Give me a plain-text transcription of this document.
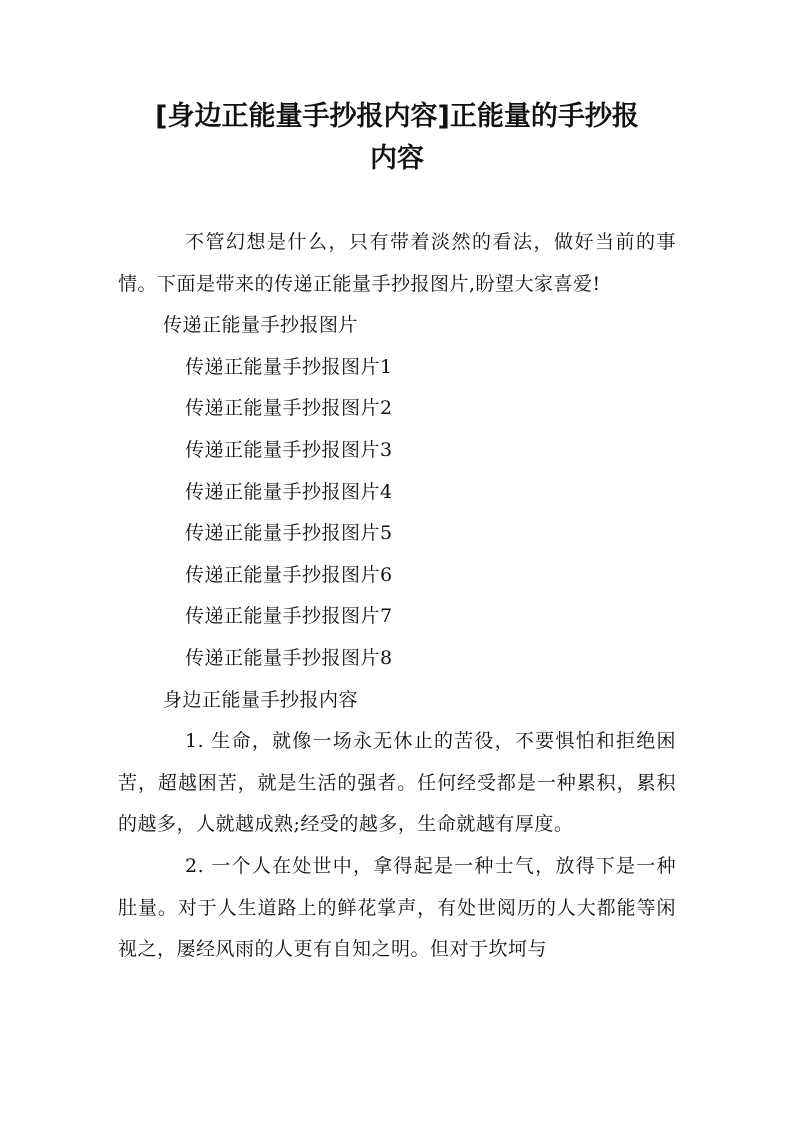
[身边正能量手抄报内容]正能量的手抄报
内容

不管幻想是什么，只有带着淡然的看法，做好当前的事情。下面是带来的传递正能量手抄报图片,盼望大家喜爱!

传递正能量手抄报图片

传递正能量手抄报图片1
传递正能量手抄报图片2
传递正能量手抄报图片3
传递正能量手抄报图片4
传递正能量手抄报图片5
传递正能量手抄报图片6
传递正能量手抄报图片7
传递正能量手抄报图片8

身边正能量手抄报内容

1. 生命，就像一场永无休止的苦役，不要惧怕和拒绝困苦，超越困苦，就是生活的强者。任何经受都是一种累积，累积的越多，人就越成熟;经受的越多，生命就越有厚度。

2. 一个人在处世中，拿得起是一种士气，放得下是一种肚量。对于人生道路上的鲜花掌声，有处世阅历的人大都能等闲视之，屡经风雨的人更有自知之明。但对于坎坷与
